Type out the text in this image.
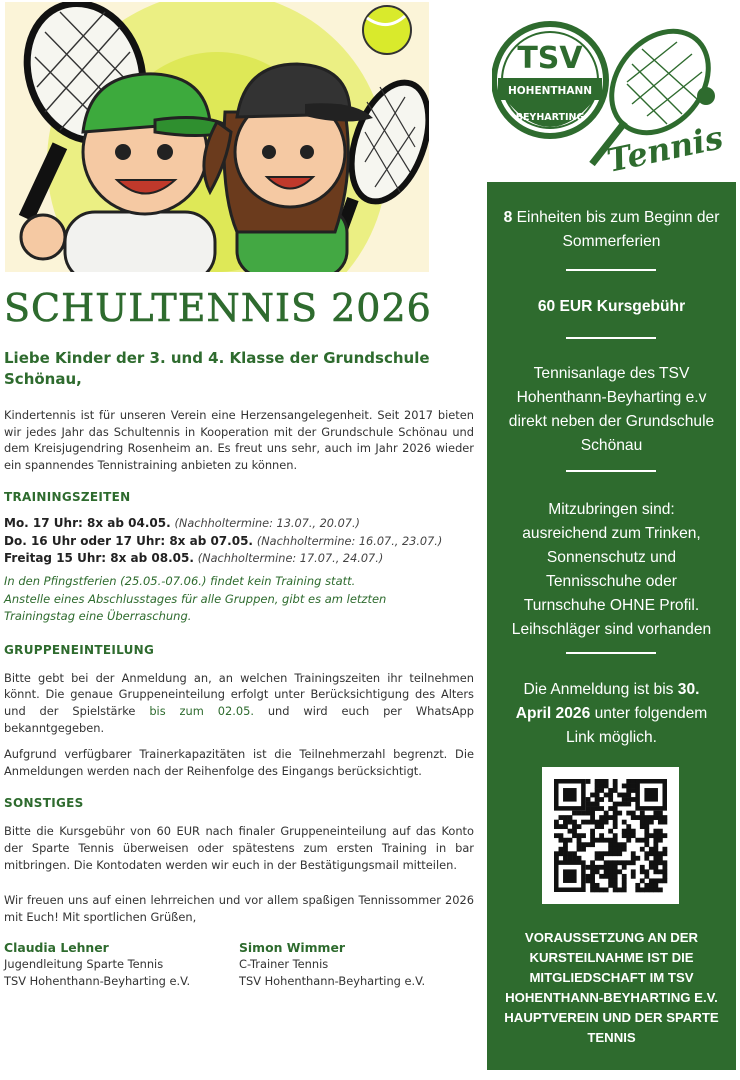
TSV
HOHENTHANN
BEYHARTING
Tennis
SCHULTENNIS 2026
Liebe Kinder der 3. und 4. Klasse der Grundschule Schönau,

Kindertennis ist für unseren Verein eine Herzensangelegenheit. Seit 2017 bieten wir jedes Jahr das Schultennis in Kooperation mit der Grundschule Schönau und dem Kreisjugendring Rosenheim an. Es freut uns sehr, auch im Jahr 2026 wieder ein spannendes Tennistraining anbieten zu können.

TRAININGSZEITEN
Mo. 17 Uhr: 8x ab 04.05. (Nachholtermine: 13.07., 20.07.)
Do. 16 Uhr oder 17 Uhr: 8x ab 07.05. (Nachholtermine: 16.07., 23.07.)
Freitag 15 Uhr: 8x ab 08.05. (Nachholtermine: 17.07., 24.07.)
In den Pfingstferien (25.05.-07.06.) findet kein Training statt.
Anstelle eines Abschlusstages für alle Gruppen, gibt es am letzten
Trainingstag eine Überraschung.
GRUPPENEINTEILUNG

Bitte gebt bei der Anmeldung an, an welchen Trainingszeiten ihr teilnehmen könnt. Die genaue Gruppeneinteilung erfolgt unter Berücksichtigung des Alters und der Spielstärke bis zum 02.05. und wird euch per WhatsApp bekanntgegeben.

Aufgrund verfügbarer Trainerkapazitäten ist die Teilnehmerzahl begrenzt. Die Anmeldungen werden nach der Reihenfolge des Eingangs berücksichtigt.

SONSTIGES

Bitte die Kursgebühr von 60 EUR nach finaler Gruppeneinteilung auf das Konto der Sparte Tennis überweisen oder spätestens zum ersten Training in bar mitbringen. Die Kontodaten werden wir euch in der Bestätigungsmail mitteilen.

Wir freuen uns auf einen lehrreichen und vor allem spaßigen Tennissommer 2026 mit Euch! Mit sportlichen Grüßen,

Claudia Lehner
Jugendleitung Sparte Tennis
TSV Hohenthann-Beyharting e.V.
Simon Wimmer
C-Trainer Tennis
TSV Hohenthann-Beyharting e.V.
8 Einheiten bis zum Beginn der Sommerferien
60 EUR Kursgebühr
Tennisanlage des TSV Hohenthann-Beyharting e.v direkt neben der Grundschule Schönau
Mitzubringen sind:
ausreichend zum Trinken,
Sonnenschutz und
Tennisschuhe oder
Turnschuhe OHNE Profil.
Leihschläger sind vorhanden
Die Anmeldung ist bis 30. April 2026 unter folgendem Link möglich.
VORAUSSETZUNG AN DER KURSTEILNAHME IST DIE MITGLIEDSCHAFT IM TSV HOHENTHANN-BEYHARTING E.V. HAUPTVEREIN UND DER SPARTE TENNIS
